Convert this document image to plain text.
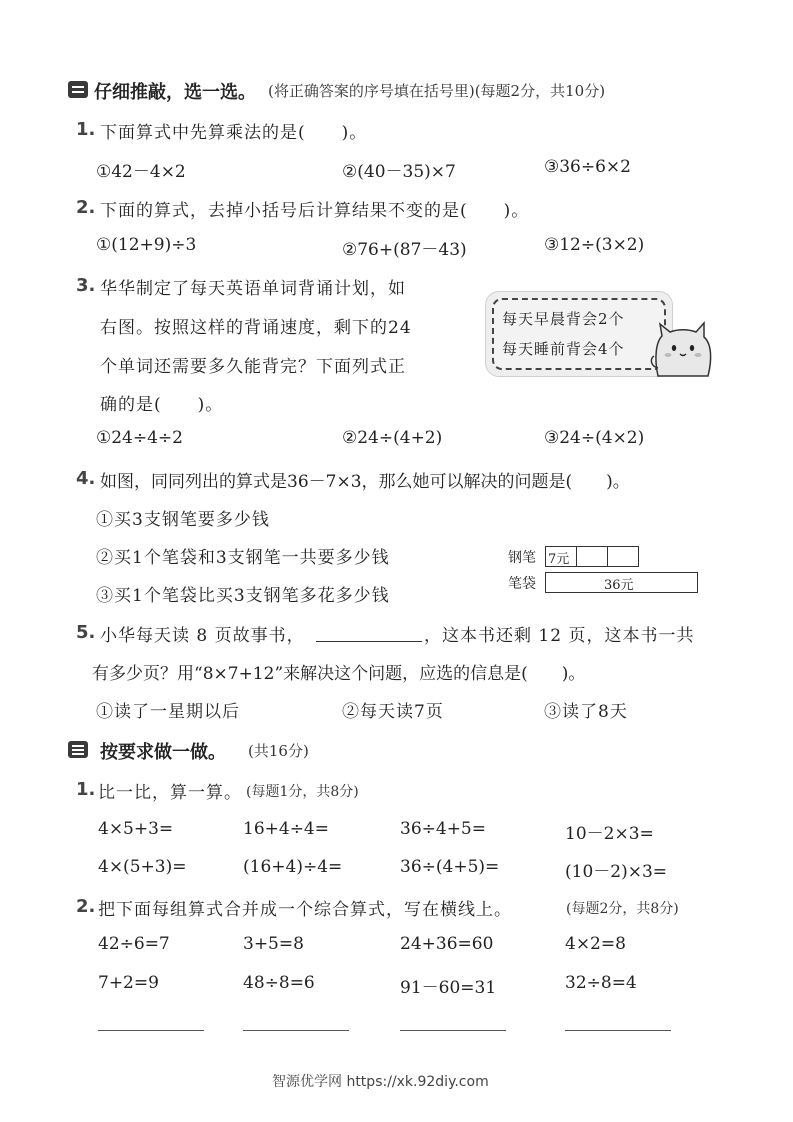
仔细推敲，选一选。 (将正确答案的序号填在括号里)(每题2分，共10分)
1. 下面算式中先算乘法的是(　　)。
①42－4×2	②(40－35)×7	③36÷6×2
2. 下面的算式，去掉小括号后计算结果不变的是(　　)。
①(12+9)÷3	②76+(87－43)	③12÷(3×2)
3. 华华制定了每天英语单词背诵计划，如
右图。按照这样的背诵速度，剩下的24
个单词还需要多久能背完？下面列式正
确的是(　　)。
每天早晨背会2个
每天睡前背会4个
①24÷4÷2	②24÷(4+2)	③24÷(4×2)
4. 如图，同同列出的算式是36－7×3，那么她可以解决的问题是(　　)。
①买3支钢笔要多少钱
②买1个笔袋和3支钢笔一共要多少钱
③买1个笔袋比买3支钢笔多花多少钱
钢笔 7元
笔袋	36元
5. 小华每天读 8 页故事书，	，这本书还剩 12 页，这本书一共
有多少页？用“8×7+12”来解决这个问题，应选的信息是(　　)。
①读了一星期以后	②每天读7页	③读了8天
按要求做一做。 (共16分)
1. 比一比，算一算。 (每题1分，共8分)
4×5+3=	16+4÷4=	36÷4+5=	10－2×3=
4×(5+3)=	(16+4)÷4=	36÷(4+5)=	(10－2)×3=
2. 把下面每组算式合并成一个综合算式，写在横线上。	(每题2分，共8分)
42÷6=7	3+5=8	24+36=60	4×2=8
7+2=9	48÷8=6	91－60=31	32÷8=4
智源优学网 https://xk.92diy.com
